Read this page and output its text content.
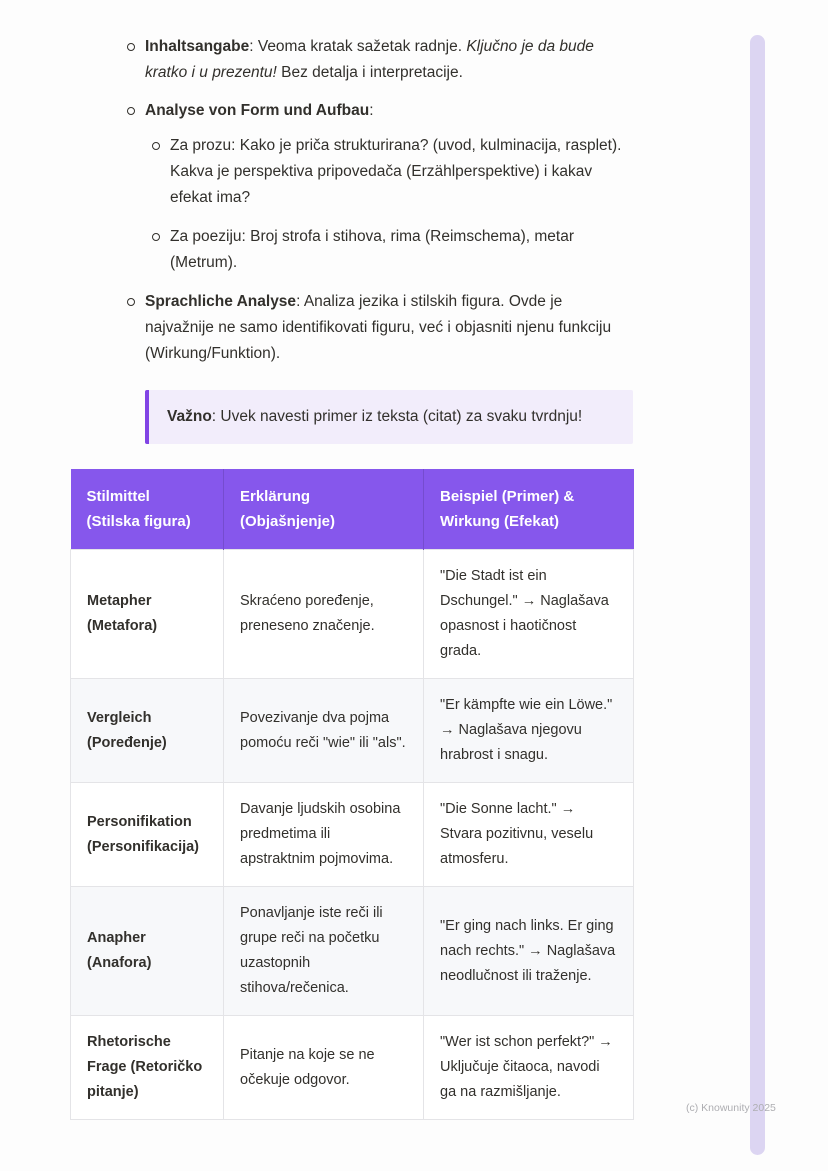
Inhaltsangabe: Veoma kratak sažetak radnje. Ključno je da bude kratko i u prezentu! Bez detalja i interpretacije.
Analyse von Form und Aufbau:
Za prozu: Kako je priča strukturirana? (uvod, kulminacija, rasplet). Kakva je perspektiva pripovedača (Erzählperspektive) i kakav efekat ima?
Za poeziju: Broj strofa i stihova, rima (Reimschema), metar (Metrum).
Sprachliche Analyse: Analiza jezika i stilskih figura. Ovde je najvažnije ne samo identifikovati figuru, već i objasniti njenu funkciju (Wirkung/Funktion).
Važno: Uvek navesti primer iz teksta (citat) za svaku tvrdnju!
Stilmittel (Stilska figura)	Erklärung (Objašnjenje)	Beispiel (Primer) & Wirkung (Efekat)
Metapher (Metafora)	Skraćeno poređenje, preneseno značenje.	"Die Stadt ist ein Dschungel." → Naglašava opasnost i haotičnost grada.
Vergleich (Poređenje)	Povezivanje dva pojma pomoću reči "wie" ili "als".	"Er kämpfte wie ein Löwe." → Naglašava njegovu hrabrost i snagu.
Personifikation (Personifikacija)	Davanje ljudskih osobina predmetima ili apstraktnim pojmovima.	"Die Sonne lacht." → Stvara pozitivnu, veselu atmosferu.
Anapher (Anafora)	Ponavljanje iste reči ili grupe reči na početku uzastopnih stihova/rečenica.	"Er ging nach links. Er ging nach rechts." → Naglašava neodlučnost ili traženje.
Rhetorische Frage (Retoričko pitanje)	Pitanje na koje se ne očekuje odgovor.	"Wer ist schon perfekt?" → Uključuje čitaoca, navodi ga na razmišljanje.
(c) Knowunity 2025
